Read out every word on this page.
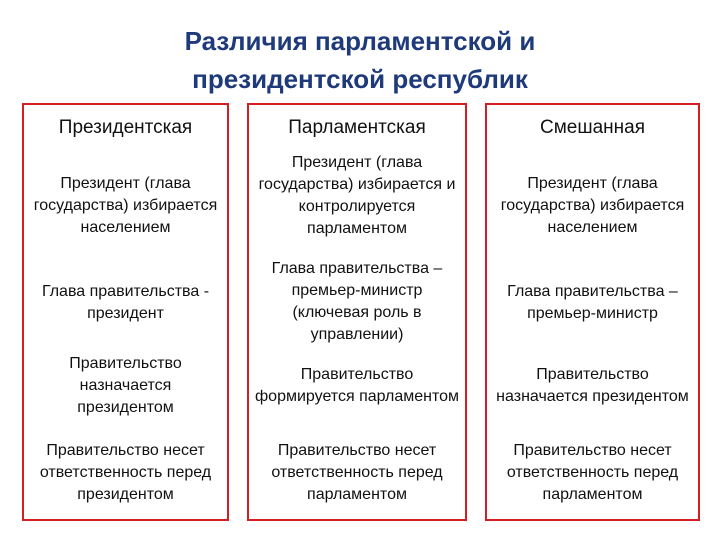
Различия парламентской и
президентской республик
Президентская	Парламентская	Смешанная
Президент (глава государства) избирается населением
Президент (глава государства) избирается и контролируется парламентом
Президент (глава государства) избирается населением
Глава правительства - президент
Глава правительства – премьер-министр (ключевая роль в управлении)
Глава правительства – премьер-министр
Правительство назначается президентом
Правительство формируется парламентом
Правительство назначается президентом
Правительство несет ответственность перед президентом
Правительство несет ответственность перед парламентом
Правительство несет ответственность перед парламентом
